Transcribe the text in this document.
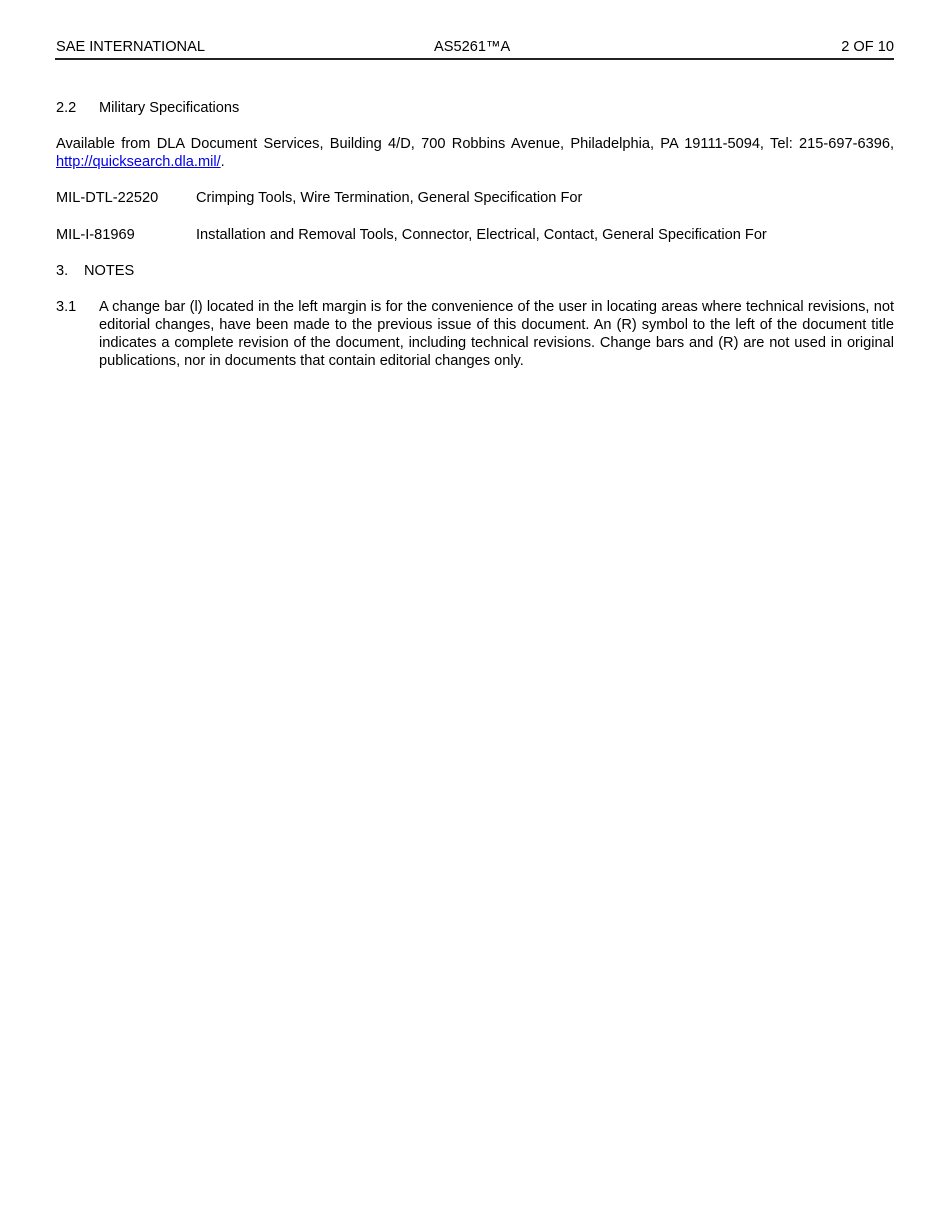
SAE INTERNATIONAL	AS5261™A	2 OF 10
2.2 Military Specifications
Available from DLA Document Services, Building 4/D, 700 Robbins Avenue, Philadelphia, PA 19111-5094, Tel: 215-697-6396, http://quicksearch.dla.mil/.
MIL-DTL-22520	Crimping Tools, Wire Termination, General Specification For
MIL-I-81969	Installation and Removal Tools, Connector, Electrical, Contact, General Specification For
3. NOTES
3.1 A change bar (l) located in the left margin is for the convenience of the user in locating areas where technical revisions, not editorial changes, have been made to the previous issue of this document. An (R) symbol to the left of the document title indicates a complete revision of the document, including technical revisions. Change bars and (R) are not used in original publications, nor in documents that contain editorial changes only.
